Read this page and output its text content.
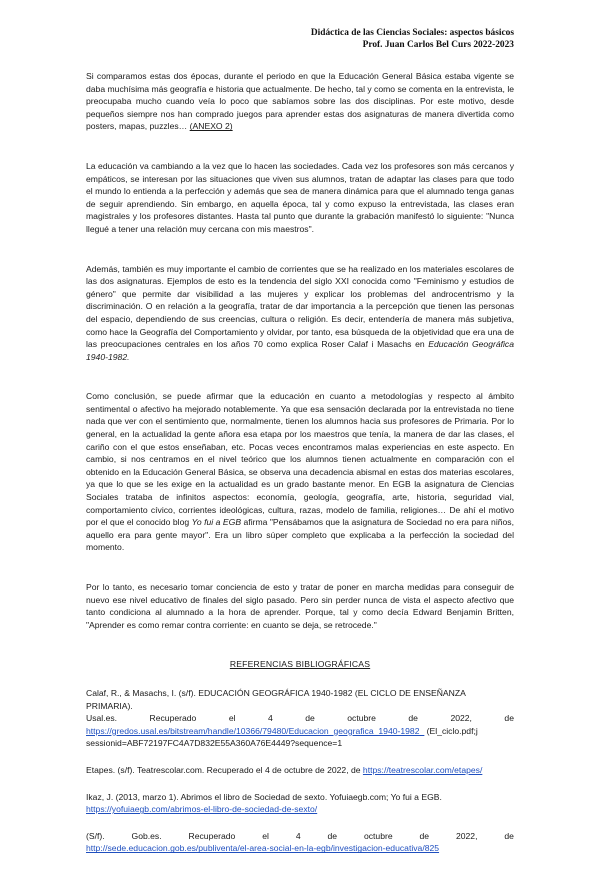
Didáctica de las Ciencias Sociales: aspectos básicos
Prof. Juan Carlos Bel Curs 2022-2023

Si comparamos estas dos épocas, durante el periodo en que la Educación General Básica estaba vigente se daba muchísima más geografía e historia que actualmente. De hecho, tal y como se comenta en la entrevista, le preocupaba mucho cuando veía lo poco que sabíamos sobre las dos disciplinas. Por este motivo, desde pequeños siempre nos han comprado juegos para aprender estas dos asignaturas de manera divertida como posters, mapas, puzzles… (ANEXO 2)

La educación va cambiando a la vez que lo hacen las sociedades. Cada vez los profesores son más cercanos y empáticos, se interesan por las situaciones que viven sus alumnos, tratan de adaptar las clases para que todo el mundo lo entienda a la perfección y además que sea de manera dinámica para que el alumnado tenga ganas de seguir aprendiendo. Sin embargo, en aquella época, tal y como expuso la entrevistada, las clases eran magistrales y los profesores distantes. Hasta tal punto que durante la grabación manifestó lo siguiente: "Nunca llegué a tener una relación muy cercana con mis maestros".

Además, también es muy importante el cambio de corrientes que se ha realizado en los materiales escolares de las dos asignaturas. Ejemplos de esto es la tendencia del siglo XXI conocida como "Feminismo y estudios de género" que permite dar visibilidad a las mujeres y explicar los problemas del androcentrismo y la discriminación. O en relación a la geografía, tratar de dar importancia a la percepción que tienen las personas del espacio, dependiendo de sus creencias, cultura o religión. Es decir, entendería de manera más subjetiva, como hace la Geografía del Comportamiento y olvidar, por tanto, esa búsqueda de la objetividad que era una de las preocupaciones centrales en los años 70 como explica Roser Calaf i Masachs en Educación Geográfica 1940-1982.

Como conclusión, se puede afirmar que la educación en cuanto a metodologías y respecto al ámbito sentimental o afectivo ha mejorado notablemente. Ya que esa sensación declarada por la entrevistada no tiene nada que ver con el sentimiento que, normalmente, tienen los alumnos hacia sus profesores de Primaria. Por lo general, en la actualidad la gente añora esa etapa por los maestros que tenía, la manera de dar las clases, el cariño con el que estos enseñaban, etc. Pocas veces encontramos malas experiencias en este aspecto. En cambio, si nos centramos en el nivel teórico que los alumnos tienen actualmente en comparación con el obtenido en la Educación General Básica, se observa una decadencia abismal en estas dos materias escolares, ya que lo que se les exige en la actualidad es un grado bastante menor. En EGB la asignatura de Ciencias Sociales trataba de infinitos aspectos: economía, geología, geografía, arte, historia, seguridad vial, comportamiento cívico, corrientes ideológicas, cultura, razas, modelo de familia, religiones… De ahí el motivo por el que el conocido blog Yo fui a EGB afirma "Pensábamos que la asignatura de Sociedad no era para niños, aquello era para gente mayor". Era un libro súper completo que explicaba a la perfección la sociedad del momento.

Por lo tanto, es necesario tomar conciencia de esto y tratar de poner en marcha medidas para conseguir de nuevo ese nivel educativo de finales del siglo pasado. Pero sin perder nunca de vista el aspecto afectivo que tanto condiciona al alumnado a la hora de aprender. Porque, tal y como decía Edward Benjamin Britten, "Aprender es como remar contra corriente: en cuanto se deja, se retrocede."

REFERENCIAS BIBLIOGRÁFICAS
Calaf, R., & Masachs, I. (s/f). EDUCACIÓN GEOGRÁFICA 1940-1982 (EL CICLO DE ENSEÑANZA PRIMARIA).
Usal.es.	Recuperado	el	4	de	octubre	de	2022,	de
https://gredos.usal.es/bitstream/handle/10366/79480/Educacion_geografica_1940-1982_ (El_ciclo.pdf;j sessionid=ABF72197FC4A7D832E55A360A76E4449?sequence=1
Etapes. (s/f). Teatrescolar.com. Recuperado el 4 de octubre de 2022, de https://teatrescolar.com/etapes/
Ikaz, J. (2013, marzo 1). Abrimos el libro de Sociedad de sexto. Yofuiaegb.com; Yo fui a EGB.
https://yofuiaegb.com/abrimos-el-libro-de-sociedad-de-sexto/
(S/f).	Gob.es.	Recuperado	el	4	de	octubre	de	2022,	de
http://sede.educacion.gob.es/publiventa/el-area-social-en-la-egb/investigacion-educativa/825
